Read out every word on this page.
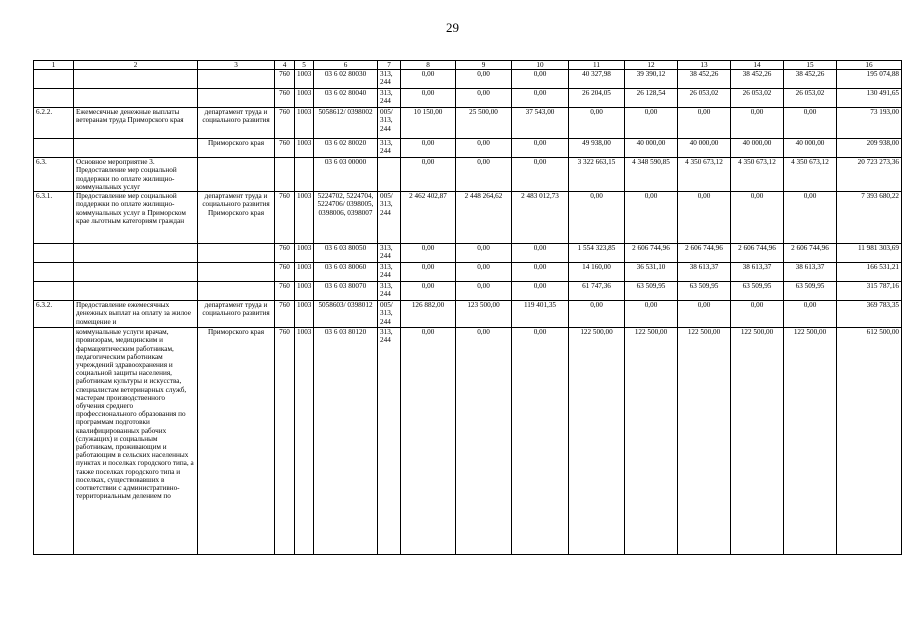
29
1	2	3	4	5	6	7	8	9	10	11	12	13	14	15	16
			760	1003	03 6 02 80030	313, 244	0,00	0,00	0,00	40 327,98	39 390,12	38 452,26	38 452,26	38 452,26	195 074,88
			760	1003	03 6 02 80040	313, 244	0,00	0,00	0,00	26 204,05	26 128,54	26 053,02	26 053,02	26 053,02	130 491,65
6.2.2.	Ежемесячные денежные выплаты ветеранам труда Приморского края	департамент труда и социального развития	760	1003	5058612/ 0398002	005/ 313, 244	10 150,00	25 500,00	37 543,00	0,00	0,00	0,00	0,00	0,00	73 193,00
		Приморского края	760	1003	03 6 02 80020	313, 244	0,00	0,00	0,00	49 938,00	40 000,00	40 000,00	40 000,00	40 000,00	209 938,00
6.3.	Основное мероприятие 3. Предоставление мер социальной поддержки по оплате жилищно-коммунальных услуг				03 6 03 00000		0,00	0,00	0,00	3 322 663,15	4 348 590,85	4 350 673,12	4 350 673,12	4 350 673,12	20 723 273,36
6.3.1.	Предоставление мер социальной поддержки по оплате жилищно-коммунальных услуг в Приморском крае льготным категориям граждан	департамент труда и социального развития Приморского края	760	1003	5224702, 5224704, 5224706/ 0398005, 0398006, 0398007	005/ 313, 244	2 462 402,87	2 448 264,62	2 483 012,73	0,00	0,00	0,00	0,00	0,00	7 393 680,22
			760	1003	03 6 03 80050	313, 244	0,00	0,00	0,00	1 554 323,85	2 606 744,96	2 606 744,96	2 606 744,96	2 606 744,96	11 981 303,69
			760	1003	03 6 03 80060	313, 244	0,00	0,00	0,00	14 160,00	36 531,10	38 613,37	38 613,37	38 613,37	166 531,21
			760	1003	03 6 03 80070	313, 244	0,00	0,00	0,00	61 747,36	63 509,95	63 509,95	63 509,95	63 509,95	315 787,16
6.3.2.	Предоставление ежемесячных денежных выплат на оплату за жилое помещение и	департамент труда и социального развития	760	1003	5058603/ 0398012	005/ 313, 244	126 882,00	123 500,00	119 401,35	0,00	0,00	0,00	0,00	0,00	369 783,35
	коммунальные услуги врачам, провизорам, медицинским и фармацевтическим работникам, педагогическим работникам учреждений здравоохранения и социальной защиты населения, работникам культуры и искусства, специалистам ветеринарных служб, мастерам производственного обучения среднего профессионального образования по программам подготовки квалифицированных рабочих (служащих) и социальным работникам, проживающим и работающим в сельских населенных пунктах и поселках городского типа, а также поселках городского типа и поселках, существовавших в соответствии с административно-территориальным делением по	Приморского края	760	1003	03 6 03 80120	313, 244	0,00	0,00	0,00	122 500,00	122 500,00	122 500,00	122 500,00	122 500,00	612 500,00
